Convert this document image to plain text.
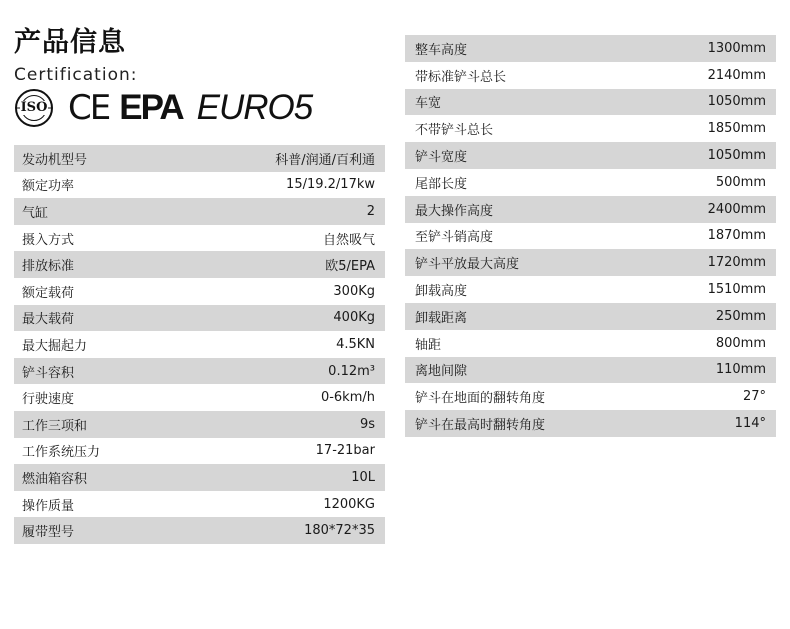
产品信息
Certification:
ISO CE EPA EURO5
发动机型号	科普/润通/百利通
额定功率	15/19.2/17kw
气缸	2
摄入方式	自然吸气
排放标准	欧5/EPA
额定载荷	300Kg
最大载荷	400Kg
最大掘起力	4.5KN
铲斗容积	0.12m³
行驶速度	0-6km/h
工作三项和	9s
工作系统压力	17-21bar
燃油箱容积	10L
操作质量	1200KG
履带型号	180*72*35
整车高度	1300mm
带标准铲斗总长	2140mm
车宽	1050mm
不带铲斗总长	1850mm
铲斗宽度	1050mm
尾部长度	500mm
最大操作高度	2400mm
至铲斗销高度	1870mm
铲斗平放最大高度	1720mm
卸载高度	1510mm
卸载距离	250mm
轴距	800mm
离地间隙	110mm
铲斗在地面的翻转角度	27°
铲斗在最高时翻转角度	114°
